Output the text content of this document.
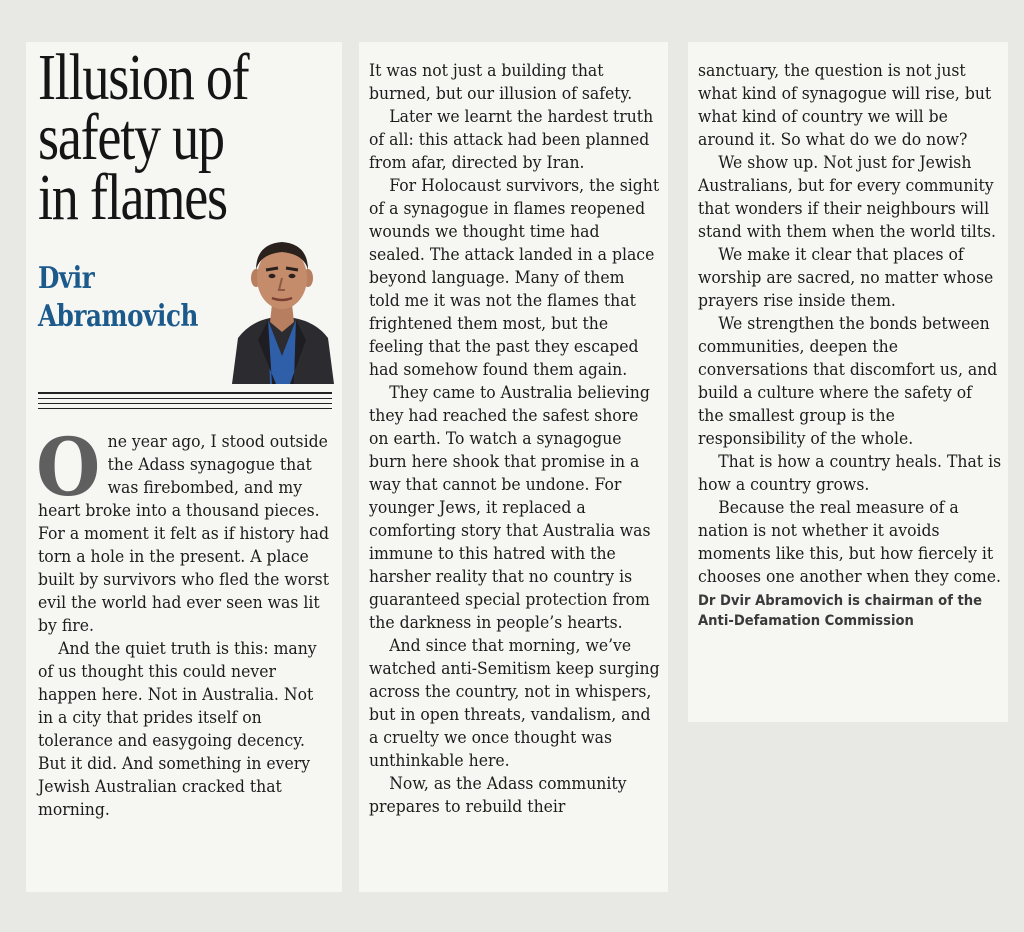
Illusion of
safety up
in flames
Dvir
Abramovich

One year ago, I stood outside the Adass synagogue that was firebombed, and my heart broke into a thousand pieces. For a moment it felt as if history had torn a hole in the present. A place built by survivors who fled the worst evil the world had ever seen was lit by fire.

And the quiet truth is this: many of us thought this could never happen here. Not in Australia. Not in a city that prides itself on tolerance and easygoing decency. But it did. And something in every Jewish Australian cracked that morning.

It was not just a building that burned, but our illusion of safety.

Later we learnt the hardest truth of all: this attack had been planned from afar, directed by Iran.

For Holocaust survivors, the sight of a synagogue in flames reopened wounds we thought time had sealed. The attack landed in a place beyond language. Many of them told me it was not the flames that frightened them most, but the feeling that the past they escaped had somehow found them again.

They came to Australia believing they had reached the safest shore on earth. To watch a synagogue burn here shook that promise in a way that cannot be undone. For younger Jews, it replaced a comforting story that Australia was immune to this hatred with the harsher reality that no country is guaranteed special protection from the darkness in people’s hearts.

And since that morning, we’ve watched anti-Semitism keep surging across the country, not in whispers, but in open threats, vandalism, and a cruelty we once thought was unthinkable here.

Now, as the Adass community prepares to rebuild their

sanctuary, the question is not just what kind of synagogue will rise, but what kind of country we will be around it. So what do we do now?

We show up. Not just for Jewish Australians, but for every community that wonders if their neighbours will stand with them when the world tilts.

We make it clear that places of worship are sacred, no matter whose prayers rise inside them.

We strengthen the bonds between communities, deepen the conversations that discomfort us, and build a culture where the safety of the smallest group is the responsibility of the whole.

That is how a country heals. That is how a country grows.

Because the real measure of a nation is not whether it avoids moments like this, but how fiercely it chooses one another when they come.

Dr Dvir Abramovich is chairman of the Anti-Defamation Commission
